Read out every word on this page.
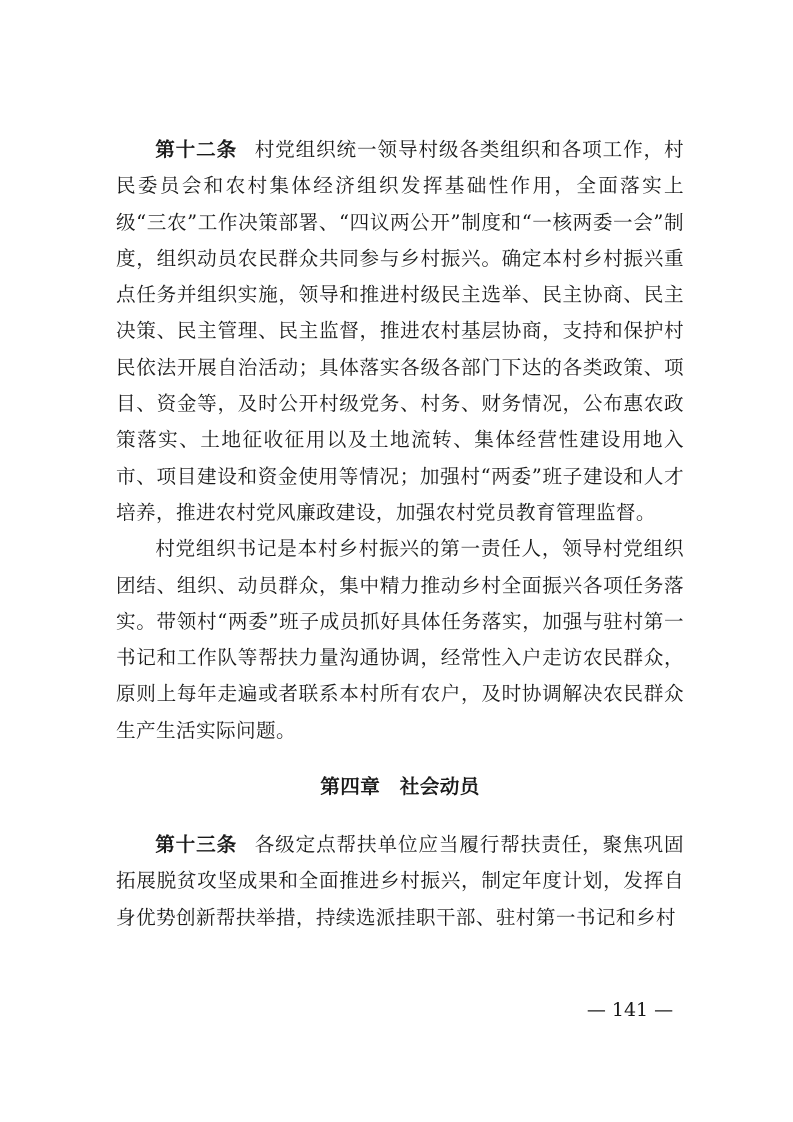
第十二条 村党组织统一领导村级各类组织和各项工作，村民委员会和农村集体经济组织发挥基础性作用，全面落实上级“三农”工作决策部署、“四议两公开”制度和“一核两委一会”制度，组织动员农民群众共同参与乡村振兴。确定本村乡村振兴重点任务并组织实施，领导和推进村级民主选举、民主协商、民主决策、民主管理、民主监督，推进农村基层协商，支持和保护村民依法开展自治活动；具体落实各级各部门下达的各类政策、项目、资金等，及时公开村级党务、村务、财务情况，公布惠农政策落实、土地征收征用以及土地流转、集体经营性建设用地入市、项目建设和资金使用等情况；加强村“两委”班子建设和人才培养，推进农村党风廉政建设，加强农村党员教育管理监督。

村党组织书记是本村乡村振兴的第一责任人，领导村党组织团结、组织、动员群众，集中精力推动乡村全面振兴各项任务落实。带领村“两委”班子成员抓好具体任务落实，加强与驻村第一书记和工作队等帮扶力量沟通协调，经常性入户走访农民群众，原则上每年走遍或者联系本村所有农户，及时协调解决农民群众生产生活实际问题。

第四章 社会动员

第十三条 各级定点帮扶单位应当履行帮扶责任，聚焦巩固拓展脱贫攻坚成果和全面推进乡村振兴，制定年度计划，发挥自身优势创新帮扶举措，持续选派挂职干部、驻村第一书记和乡村

— 141 —
